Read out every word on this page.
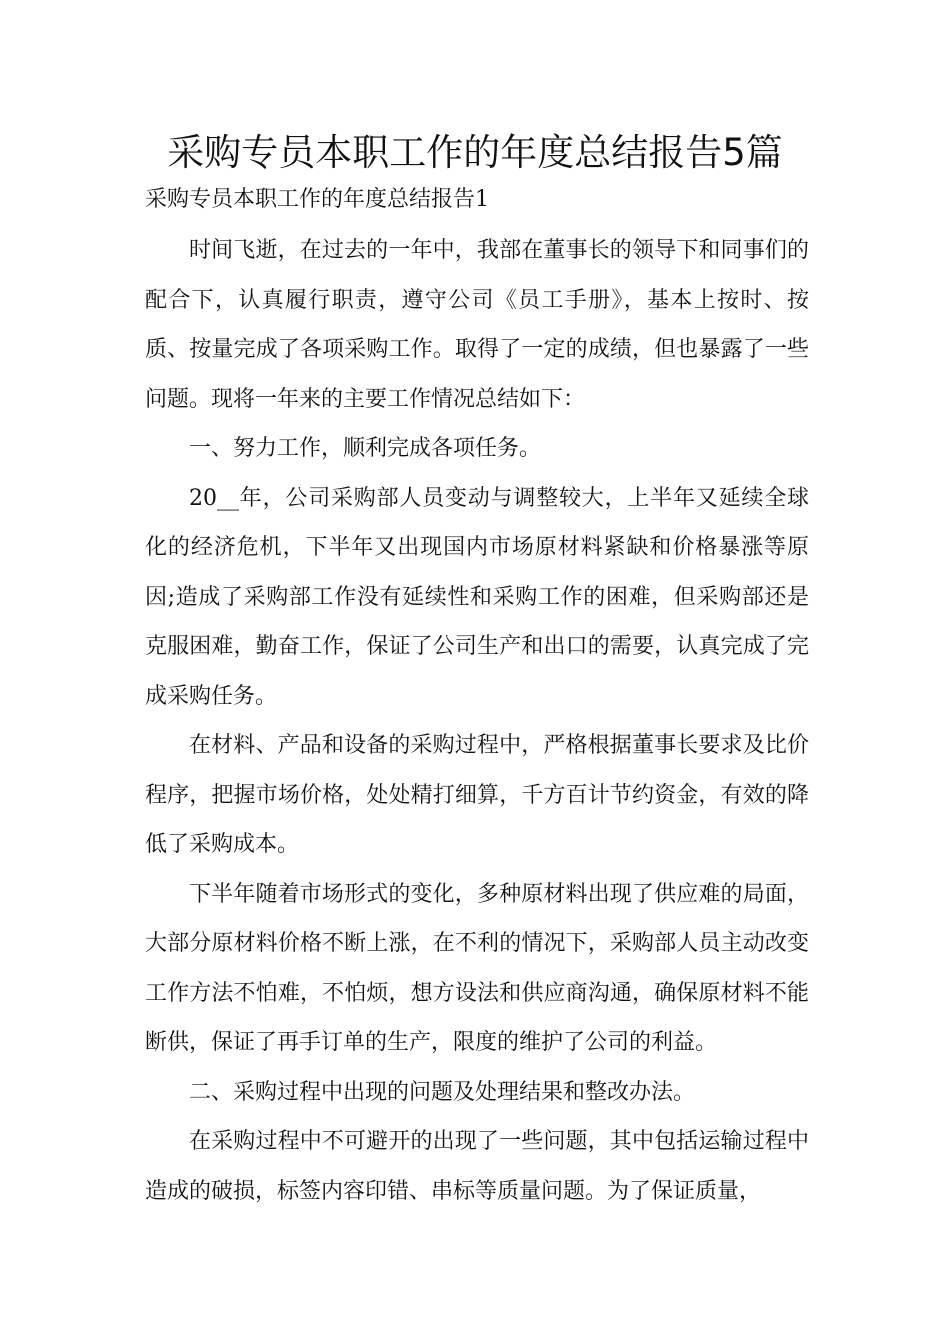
采购专员本职工作的年度总结报告5篇

采购专员本职工作的年度总结报告1

时间飞逝，在过去的一年中，我部在董事长的领导下和同事们的配合下，认真履行职责，遵守公司《员工手册》，基本上按时、按质、按量完成了各项采购工作。取得了一定的成绩，但也暴露了一些问题。现将一年来的主要工作情况总结如下：

一、努力工作，顺利完成各项任务。

20__年，公司采购部人员变动与调整较大，上半年又延续全球化的经济危机，下半年又出现国内市场原材料紧缺和价格暴涨等原因;造成了采购部工作没有延续性和采购工作的困难，但采购部还是克服困难，勤奋工作，保证了公司生产和出口的需要，认真完成了完成采购任务。

在材料、产品和设备的采购过程中，严格根据董事长要求及比价程序，把握市场价格，处处精打细算，千方百计节约资金，有效的降低了采购成本。

下半年随着市场形式的变化，多种原材料出现了供应难的局面，大部分原材料价格不断上涨，在不利的情况下，采购部人员主动改变工作方法不怕难，不怕烦，想方设法和供应商沟通，确保原材料不能断供，保证了再手订单的生产，限度的维护了公司的利益。

二、采购过程中出现的问题及处理结果和整改办法。

在采购过程中不可避开的出现了一些问题，其中包括运输过程中造成的破损，标签内容印错、串标等质量问题。为了保证质量，
